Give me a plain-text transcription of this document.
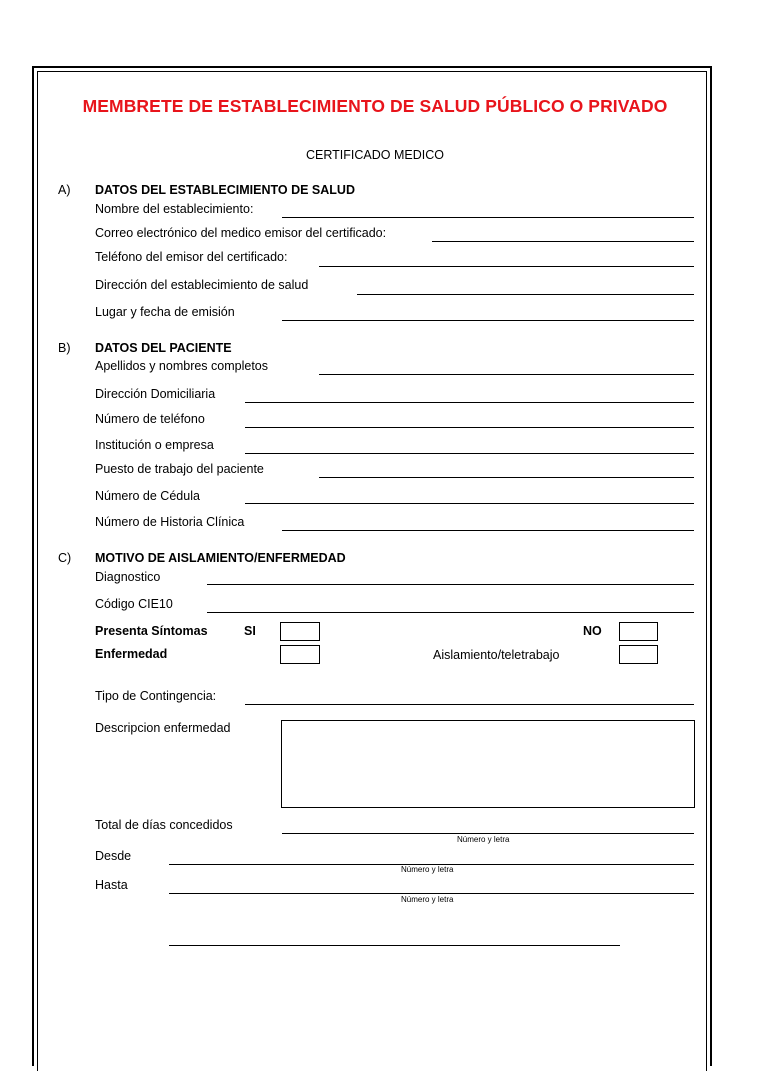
MEMBRETE DE ESTABLECIMIENTO DE SALUD PÚBLICO O PRIVADO
CERTIFICADO MEDICO
A) DATOS DEL ESTABLECIMIENTO DE SALUD
Nombre del establecimiento:
Correo electrónico del medico emisor del certificado:
Teléfono del emisor del certificado:
Dirección del establecimiento de salud
Lugar y fecha de emisión
B) DATOS DEL PACIENTE
Apellidos y nombres completos
Dirección Domiciliaria
Número de teléfono
Institución o empresa
Puesto de trabajo del paciente
Número de Cédula
Número de Historia Clínica
C) MOTIVO DE AISLAMIENTO/ENFERMEDAD
Diagnostico
Código CIE10
Presenta Síntomas	SI	NO
Enfermedad	Aislamiento/teletrabajo
Tipo de Contingencia:
Descripcion enfermedad
Total de días concedidos
Número y letra
Desde
Número y letra
Hasta
Número y letra
